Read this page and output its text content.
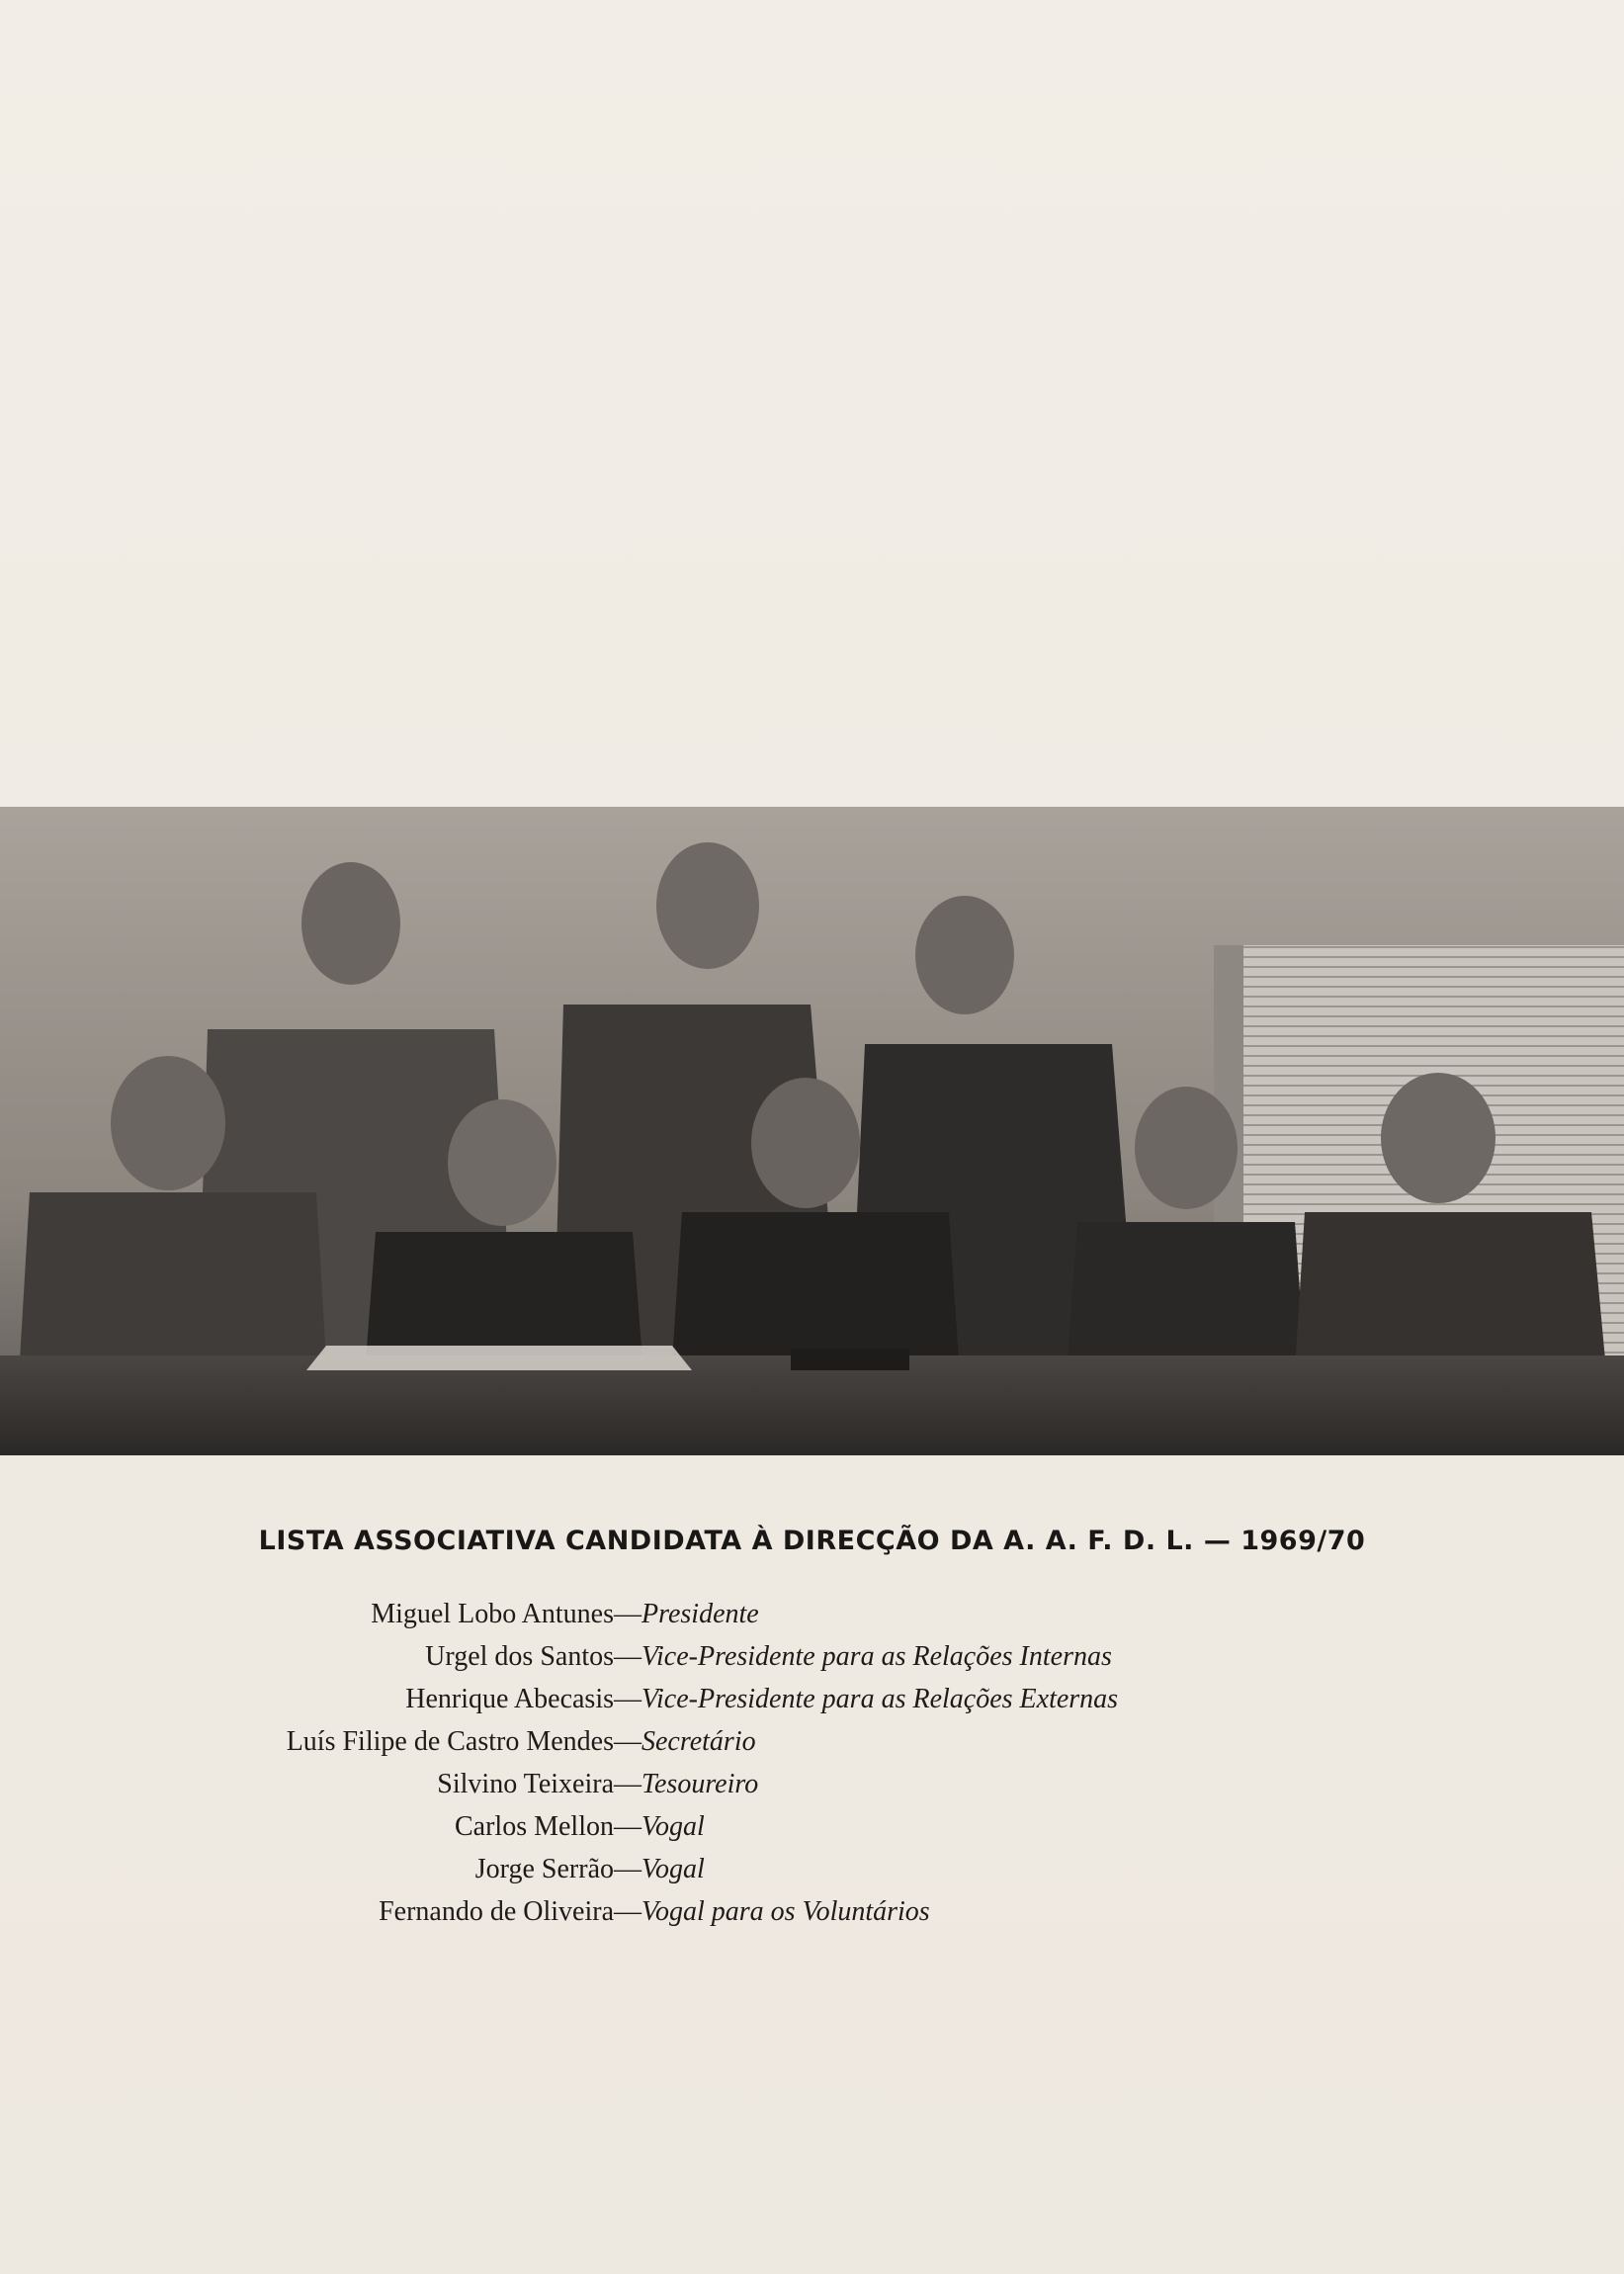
LISTA ASSOCIATIVA CANDIDATA À DIRECÇÃO DA A. A. F. D. L. — 1969/70
Miguel Lobo Antunes— Presidente
Urgel dos Santos— Vice-Presidente para as Relações Internas
Henrique Abecasis— Vice-Presidente para as Relações Externas
Luís Filipe de Castro Mendes— Secretário
Silvino Teixeira— Tesoureiro
Carlos Mellon— Vogal
Jorge Serrão— Vogal
Fernando de Oliveira— Vogal para os Voluntários
